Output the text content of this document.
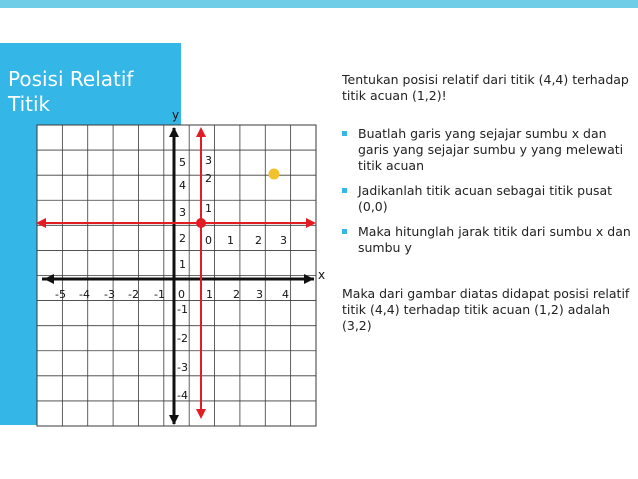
Posisi Relatif
Titik
-5 -4 -3 -2 -1 0 1 2 3 4
1
2
3
4
5
-1
-2
-3
-4
0 1 2 3
1
2
3
y
x
Tentukan posisi relatif dari titik (4,4) terhadap titik acuan (1,2)!
Buatlah garis yang sejajar sumbu x dan garis yang sejajar sumbu y yang melewati titik acuan
Jadikanlah titik acuan sebagai titik pusat (0,0)
Maka hitunglah jarak titik dari sumbu x dan sumbu y
Maka dari gambar diatas didapat posisi relatif titik (4,4) terhadap titik acuan (1,2) adalah (3,2)
